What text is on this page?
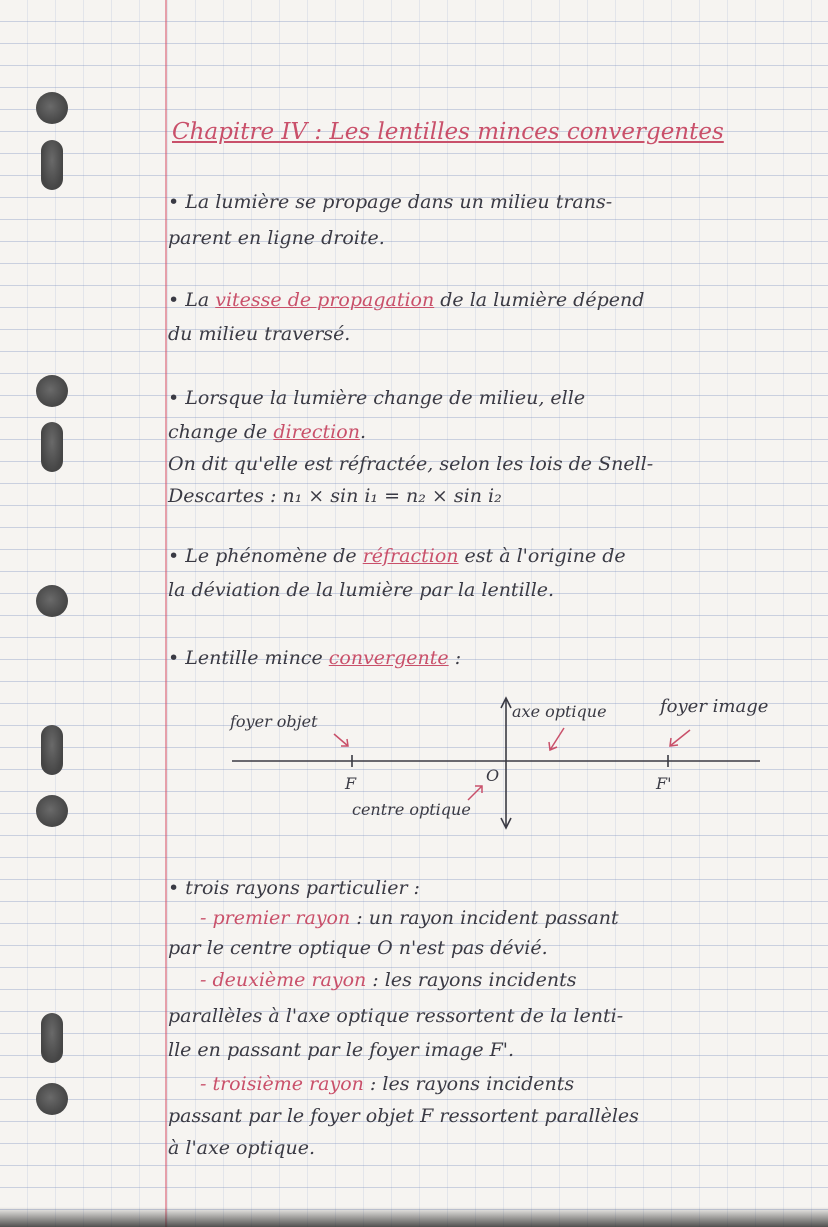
Chapitre IV : Les lentilles minces convergentes
• La lumière se propage dans un milieu trans-
parent en ligne droite.
• La vitesse de propagation de la lumière dépend
du milieu traversé.
• Lorsque la lumière change de milieu, elle
change de direction.
On dit qu'elle est réfractée, selon les lois de Snell-
Descartes : n₁ × sin i₁ = n₂ × sin i₂
• Le phénomène de réfraction est à l'origine de
la déviation de la lumière par la lentille.
• Lentille mince convergente :
foyer objet
axe optique	foyer image
F	O	F'
centre optique
• trois rayons particulier :
- premier rayon : un rayon incident passant
par le centre optique O n'est pas dévié.
- deuxième rayon : les rayons incidents
parallèles à l'axe optique ressortent de la lenti-
lle en passant par le foyer image F'.
- troisième rayon : les rayons incidents
passant par le foyer objet F ressortent parallèles
à l'axe optique.
